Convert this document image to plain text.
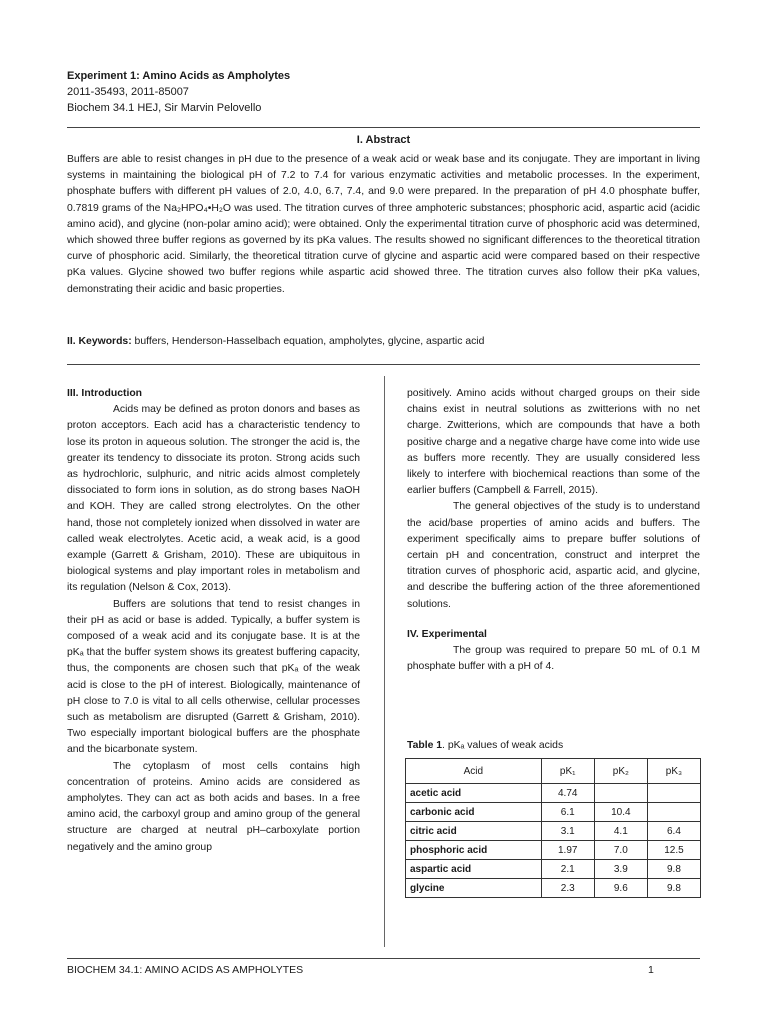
Experiment 1: Amino Acids as Ampholytes
2011-35493, 2011-85007
Biochem 34.1 HEJ, Sir Marvin Pelovello
I. Abstract
Buffers are able to resist changes in pH due to the presence of a weak acid or weak base and its conjugate. They are important in living systems in maintaining the biological pH of 7.2 to 7.4 for various enzymatic activities and metabolic processes. In the experiment, phosphate buffers with different pH values of 2.0, 4.0, 6.7, 7.4, and 9.0 were prepared. In the preparation of pH 4.0 phosphate buffer, 0.7819 grams of the Na₂HPO₄•H₂O was used. The titration curves of three amphoteric substances; phosphoric acid, aspartic acid (acidic amino acid), and glycine (non-polar amino acid); were obtained. Only the experimental titration curve of phosphoric acid was determined, which showed three buffer regions as governed by its pKa values. The results showed no significant differences to the theoretical titration curve of phosphoric acid. Similarly, the theoretical titration curve of glycine and aspartic acid were compared based on their respective pKa values. Glycine showed two buffer regions while aspartic acid showed three. The titration curves also follow their pKa values, demonstrating their acidic and basic properties.
II. Keywords: buffers, Henderson-Hasselbach equation, ampholytes, glycine, aspartic acid

III. Introduction

Acids may be defined as proton donors and bases as proton acceptors. Each acid has a characteristic tendency to lose its proton in aqueous solution. The stronger the acid is, the greater its tendency to dissociate its proton. Strong acids such as hydrochloric, sulphuric, and nitric acids almost completely dissociated to form ions in solution, as do strong bases NaOH and KOH. They are called strong electrolytes. On the other hand, those not completely ionized when dissolved in water are called weak electrolytes. Acetic acid, a weak acid, is a good example (Garrett & Grisham, 2010). These are ubiquitous in biological systems and play important roles in metabolism and its regulation (Nelson & Cox, 2013).

Buffers are solutions that tend to resist changes in their pH as acid or base is added. Typically, a buffer system is composed of a weak acid and its conjugate base. It is at the pKₐ that the buffer system shows its greatest buffering capacity, thus, the components are chosen such that pKₐ of the weak acid is close to the pH of interest. Biologically, maintenance of pH close to 7.0 is vital to all cells otherwise, cellular processes such as metabolism are disrupted (Garrett & Grisham, 2010). Two especially important biological buffers are the phosphate and the bicarbonate system.

The cytoplasm of most cells contains high concentration of proteins. Amino acids are considered as ampholytes. They can act as both acids and bases. In a free amino acid, the carboxyl group and amino group of the general structure are charged at neutral pH–carboxylate portion negatively and the amino group

positively. Amino acids without charged groups on their side chains exist in neutral solutions as zwitterions with no net charge. Zwitterions, which are compounds that have a both positive charge and a negative charge have come into wide use as buffers more recently. They are usually considered less likely to interfere with biochemical reactions than some of the earlier buffers (Campbell & Farrell, 2015).

The general objectives of the study is to understand the acid/base properties of amino acids and buffers. The experiment specifically aims to prepare buffer solutions of certain pH and concentration, construct and interpret the titration curves of phosphoric acid, aspartic acid, and glycine, and describe the buffering action of the three aforementioned solutions.

IV. Experimental

The group was required to prepare 50 mL of 0.1 M phosphate buffer with a pH of 4.

Table 1. pKₐ values of weak acids
Acid	pK₁	pK₂	pK₃
acetic acid	4.74		
carbonic acid	6.1	10.4	
citric acid	3.1	4.1	6.4
phosphoric acid	1.97	7.0	12.5
aspartic acid	2.1	3.9	9.8
glycine	2.3	9.6	9.8
BIOCHEM 34.1: AMINO ACIDS AS AMPHOLYTES	1
